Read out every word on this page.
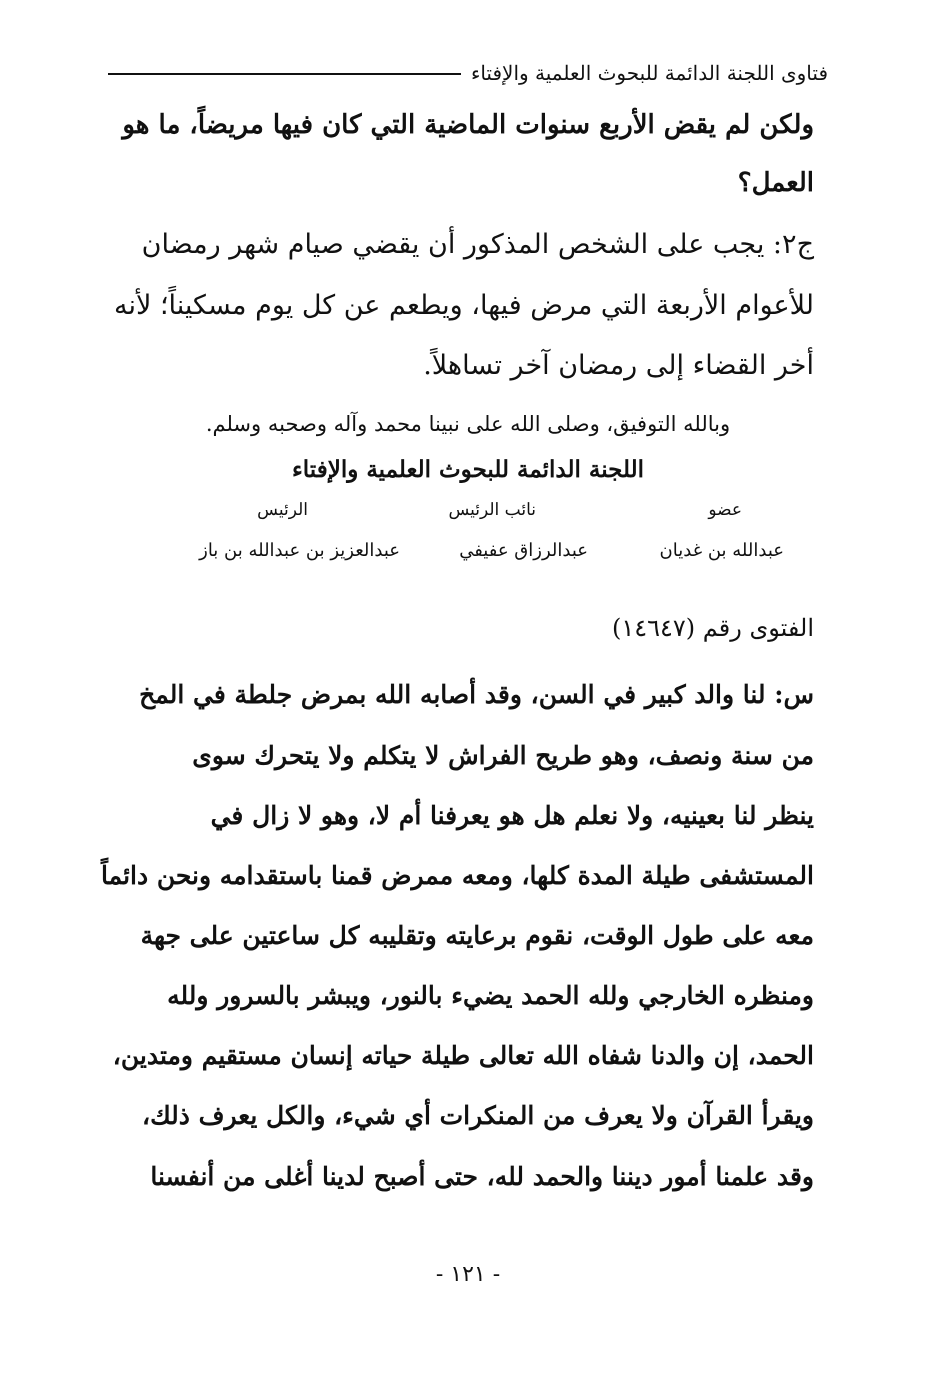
فتاوى اللجنة الدائمة للبحوث العلمية والإفتاء
ولكن لم يقض الأربع سنوات الماضية التي كان فيها مريضاً، ما هو
العمل؟
ج٢: يجب على الشخص المذكور أن يقضي صيام شهر رمضان
للأعوام الأربعة التي مرض فيها، ويطعم عن كل يوم مسكيناً؛ لأنه
أخر القضاء إلى رمضان آخر تساهلاً.
وبالله التوفيق، وصلى الله على نبينا محمد وآله وصحبه وسلم.
اللجنة الدائمة للبحوث العلمية والإفتاء
عضو
نائب الرئيس
الرئيس
عبدالله بن غديان
عبدالرزاق عفيفي
عبدالعزيز بن عبدالله بن باز
الفتوى رقم (١٤٦٤٧)
س: لنا والد كبير في السن، وقد أصابه الله بمرض جلطة في المخ
من سنة ونصف، وهو طريح الفراش لا يتكلم ولا يتحرك سوى
ينظر لنا بعينيه، ولا نعلم هل هو يعرفنا أم لا، وهو لا زال في
المستشفى طيلة المدة كلها، ومعه ممرض قمنا باستقدامه ونحن دائماً
معه على طول الوقت، نقوم برعايته وتقليبه كل ساعتين على جهة
ومنظره الخارجي ولله الحمد يضيء بالنور، ويبشر بالسرور ولله
الحمد، إن والدنا شفاه الله تعالى طيلة حياته إنسان مستقيم ومتدين،
ويقرأ القرآن ولا يعرف من المنكرات أي شيء، والكل يعرف ذلك،
وقد علمنا أمور ديننا والحمد لله، حتى أصبح لدينا أغلى من أنفسنا
- ١٢١ -
